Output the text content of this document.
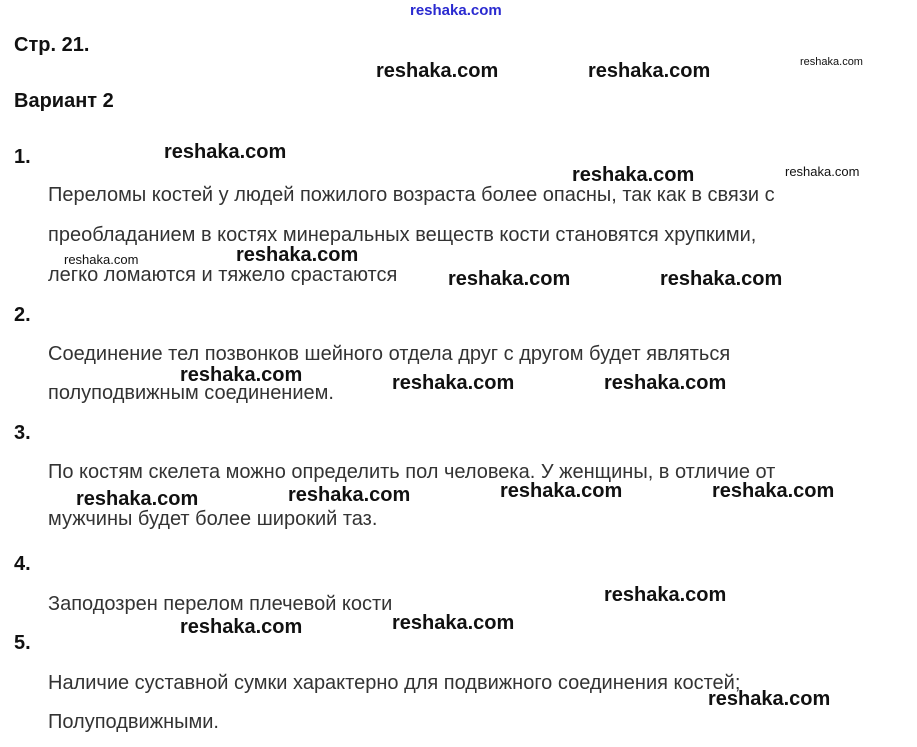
Стр. 21.
Вариант 2
1.
Переломы костей у людей пожилого возраста более опасны, так как в связи с
преобладанием в костях минеральных веществ кости становятся хрупкими,
легко ломаются и тяжело срастаются
2.
Соединение тел позвонков шейного отдела друг с другом будет являться
полуподвижным соединением.
3.
По костям скелета можно определить пол человека. У женщины, в отличие от
мужчины будет более широкий таз.
4.
Заподозрен перелом плечевой кости
5.
Наличие суставной сумки характерно для подвижного соединения костей;
Полуподвижными.
reshaka.com
reshaka.com	reshaka.com	reshaka.com
reshaka.com
reshaka.com	reshaka.com
reshaka.com
reshaka.com
reshaka.com	reshaka.com
reshaka.com	reshaka.com	reshaka.com
reshaka.com	reshaka.com	reshaka.com	reshaka.com
reshaka.com
reshaka.com	reshaka.com
reshaka.com
